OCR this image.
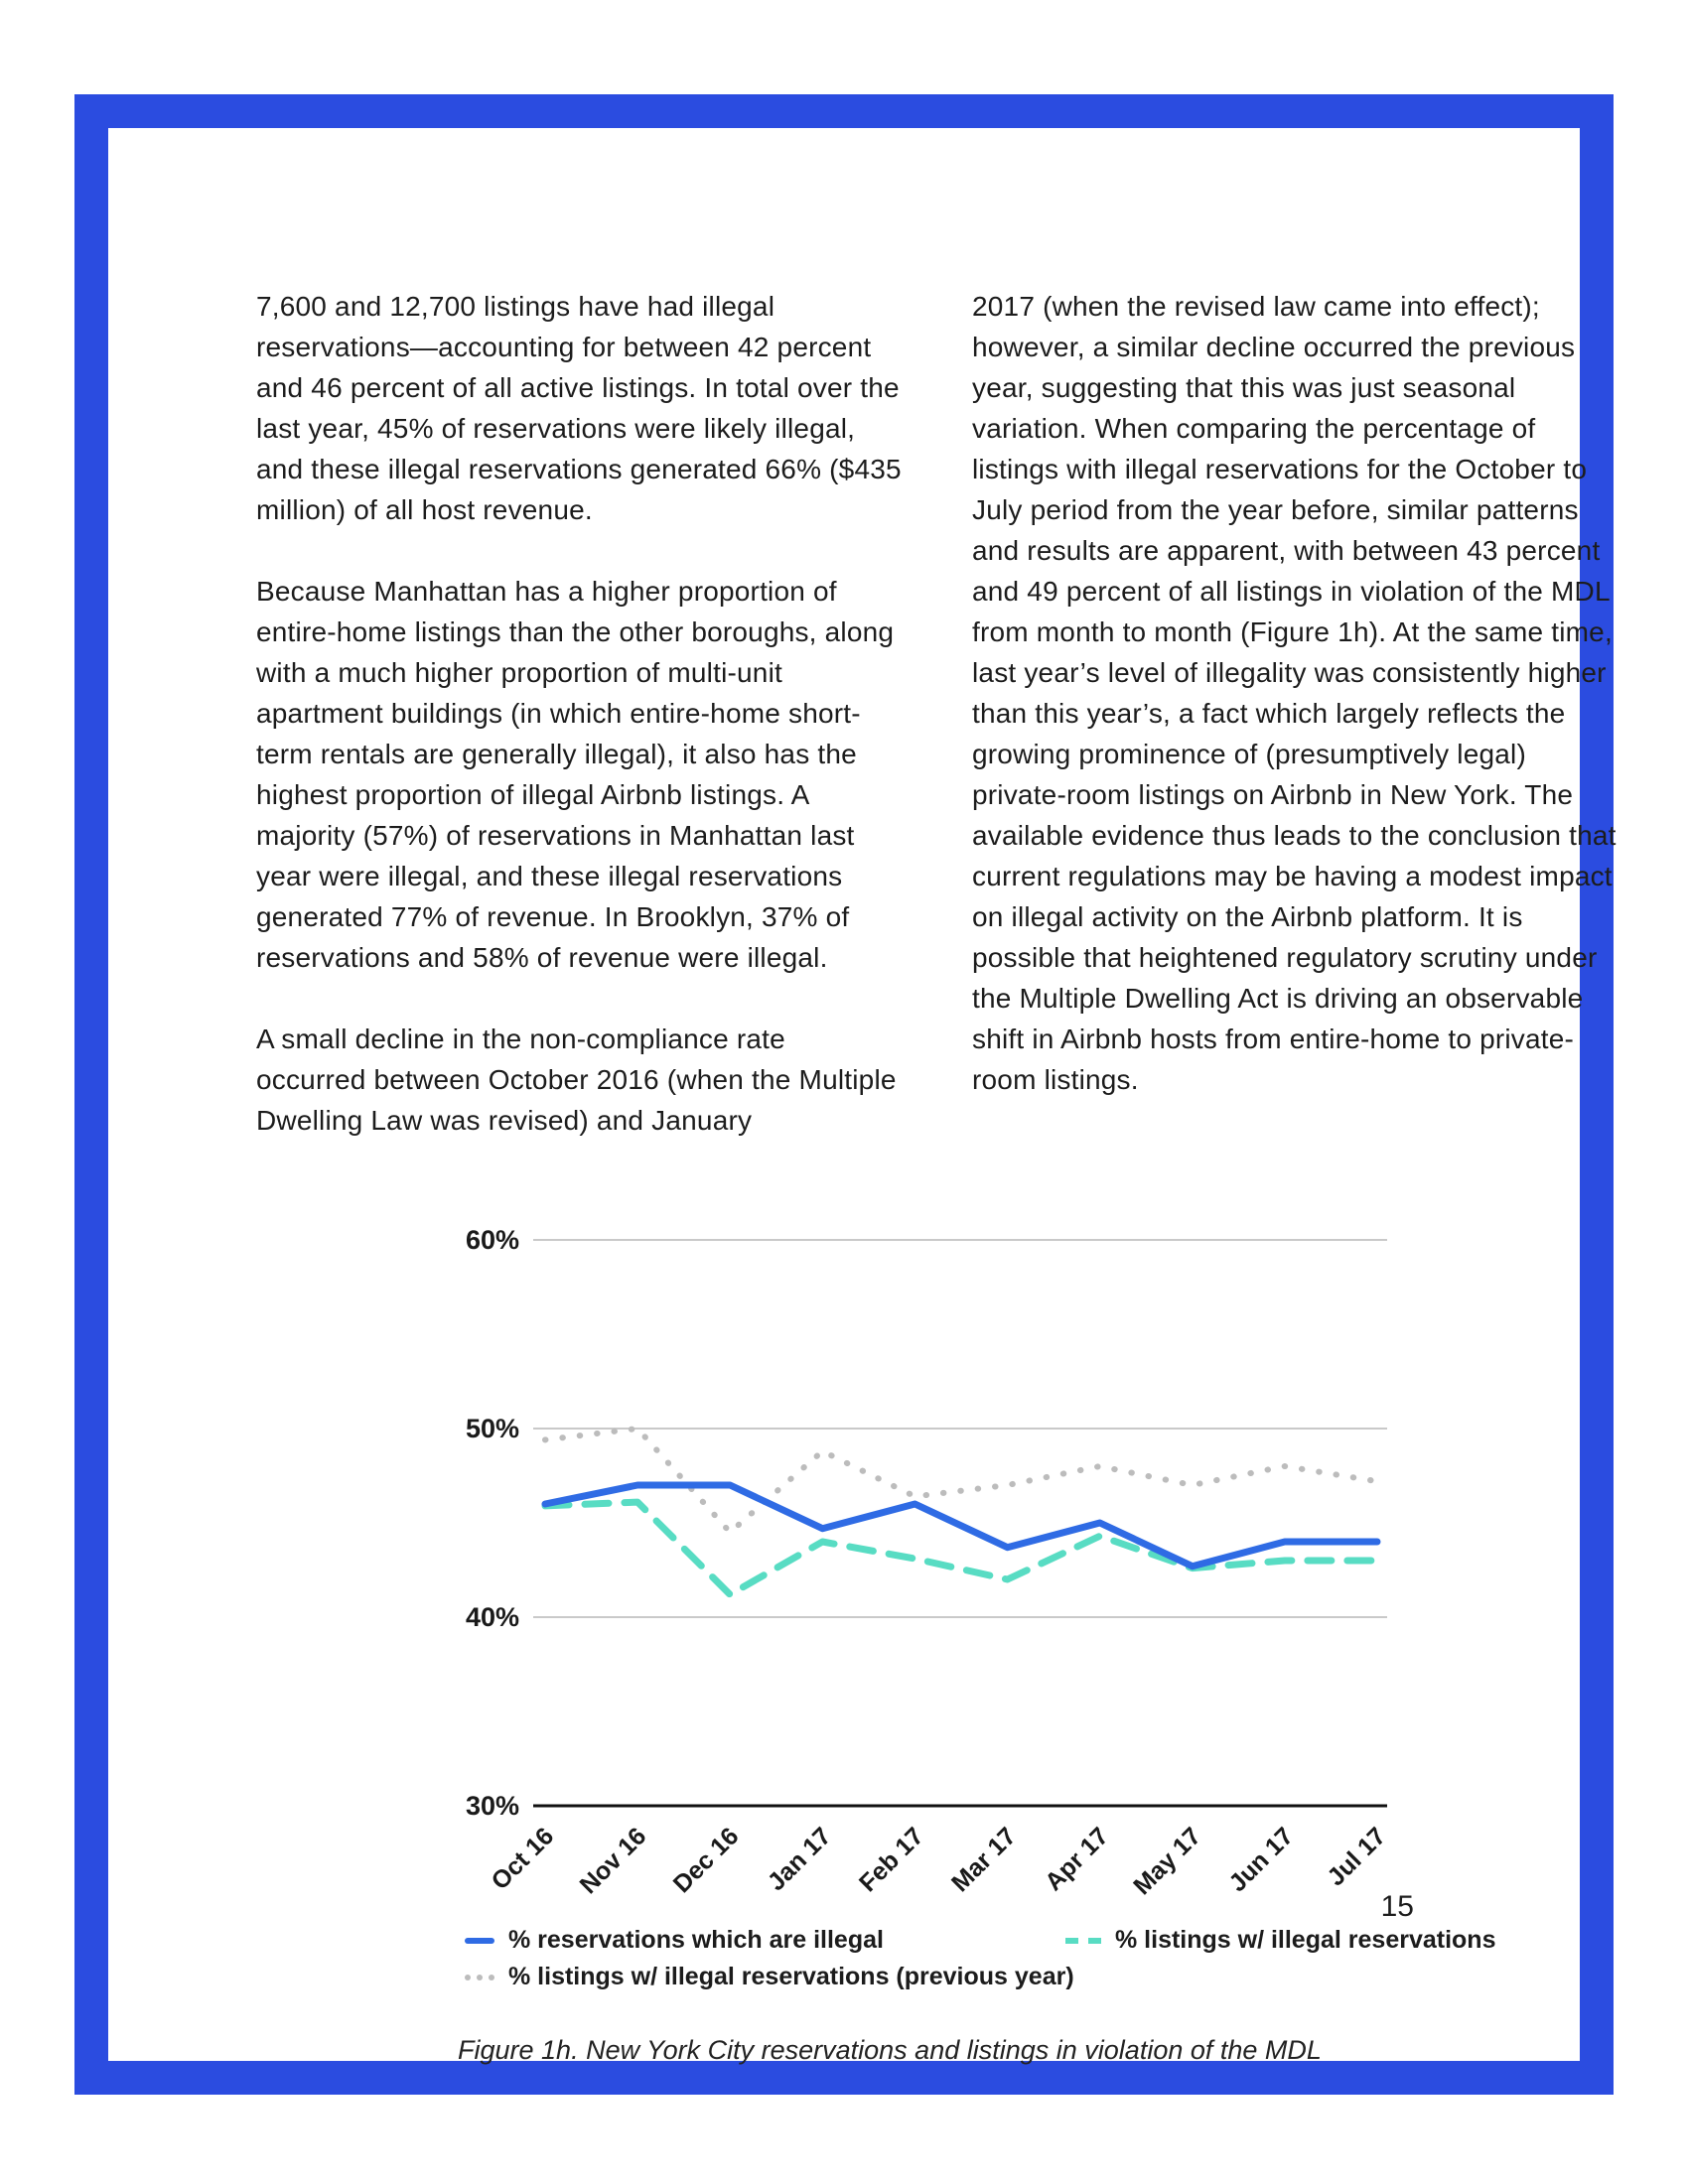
7,600 and 12,700 listings have had illegal reservations—accounting for between 42 percent and 46 percent of all active listings. In total over the last year, 45% of reservations were likely illegal, and these illegal reservations generated 66% ($435 million) of all host revenue.

Because Manhattan has a higher proportion of entire-home listings than the other boroughs, along with a much higher proportion of multi-unit apartment buildings (in which entire-home short-term rentals are generally illegal), it also has the highest proportion of illegal Airbnb listings. A majority (57%) of reservations in Manhattan last year were illegal, and these illegal reservations generated 77% of revenue. In Brooklyn, 37% of reservations and 58% of revenue were illegal.

A small decline in the non-compliance rate occurred between October 2016 (when the Multiple Dwelling Law was revised) and January

2017 (when the revised law came into effect); however, a similar decline occurred the previous year, suggesting that this was just seasonal variation. When comparing the percentage of listings with illegal reservations for the October to July period from the year before, similar patterns and results are apparent, with between 43 percent and 49 percent of all listings in violation of the MDL from month to month (Figure 1h). At the same time, last year’s level of illegality was consistently higher than this year’s, a fact which largely reflects the growing prominence of (presumptively legal) private-room listings on Airbnb in New York. The available evidence thus leads to the conclusion that current regulations may be having a modest impact on illegal activity on the Airbnb platform. It is possible that heightened regulatory scrutiny under the Multiple Dwelling Act is driving an observable shift in Airbnb hosts from entire-home to private-room listings.

60%
50%
40%
30%
Oct 16 Nov 16 Dec 16 Jan 17 Feb 17 Mar 17 Apr 17 May 17 Jun 17 Jul 17
% reservations which are illegal	% listings w/ illegal reservations
% listings w/ illegal reservations (previous year)

Figure 1h. New York City reservations and listings in violation of the MDL

15
